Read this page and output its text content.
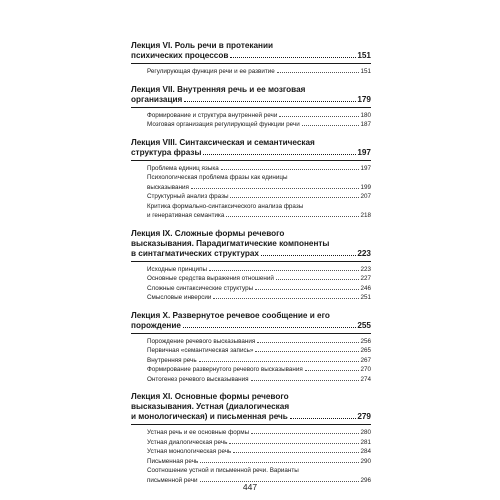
Лекция VI. Роль речи в протекании
психических процессов	151
Регулирующая функция речи и ее развитие	151
Лекция VII. Внутренняя речь и ее мозговая
организация	179
Формирование и структура внутренней речи	180
Мозговая организация регулирующей функции речи	187
Лекция VIII. Синтаксическая и семантическая
структура фразы	197
Проблема единиц языка	197
Психологическая проблема фразы как единицы
высказывания	199
Структурный анализ фразы	207
Критика формально-синтаксического анализа фразы
и генеративная семантика	218
Лекция IX. Сложные формы речевого
высказывания. Парадигматические компоненты
в синтагматических структурах	223
Исходные принципы	223
Основные средства выражения отношений	227
Сложные синтаксические структуры	246
Смысловые инверсии	251
Лекция X. Развернутое речевое сообщение и его
порождение	255
Порождение речевого высказывания	256
Первичная «семантическая запись»	265
Внутренняя речь	267
Формирование развернутого речевого высказывания	270
Онтогенез речевого высказывания	274
Лекция XI. Основные формы речевого
высказывания. Устная (диалогическая
и монологическая) и письменная речь	279
Устная речь и ее основные формы	280
Устная диалогическая речь	281
Устная монологическая речь	284
Письменная речь	290
Соотношение устной и письменной речи. Варианты
письменной речи	296
447
